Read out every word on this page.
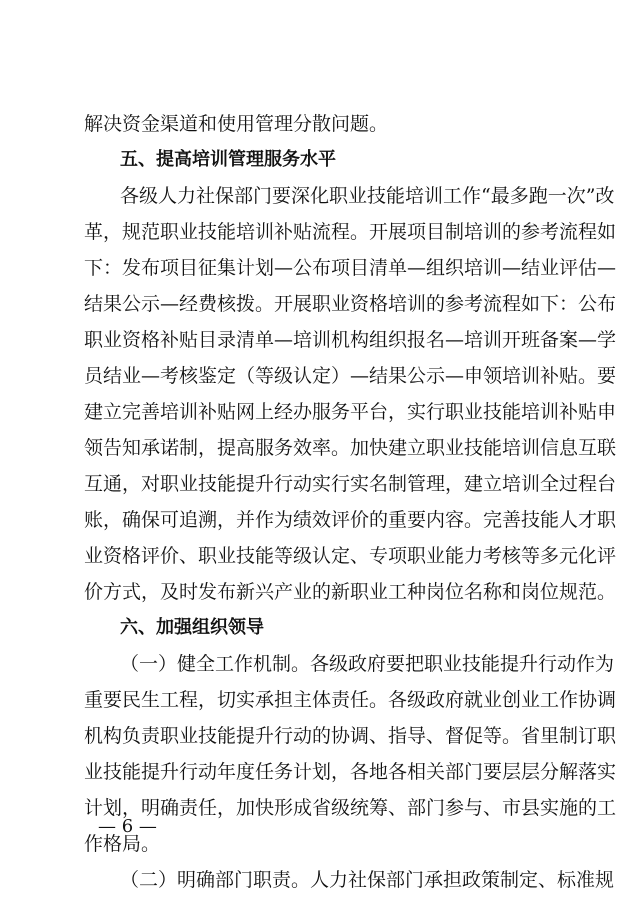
解决资金渠道和使用管理分散问题。
五、提高培训管理服务水平
各级人力社保部门要深化职业技能培训工作“最多跑一次”改
革，规范职业技能培训补贴流程。开展项目制培训的参考流程如
下：发布项目征集计划—公布项目清单—组织培训—结业评估—
结果公示—经费核拨。开展职业资格培训的参考流程如下：公布
职业资格补贴目录清单—培训机构组织报名—培训开班备案—学
员结业—考核鉴定（等级认定）—结果公示—申领培训补贴。要
建立完善培训补贴网上经办服务平台，实行职业技能培训补贴申
领告知承诺制，提高服务效率。加快建立职业技能培训信息互联
互通，对职业技能提升行动实行实名制管理，建立培训全过程台
账，确保可追溯，并作为绩效评价的重要内容。完善技能人才职
业资格评价、职业技能等级认定、专项职业能力考核等多元化评
价方式，及时发布新兴产业的新职业工种岗位名称和岗位规范。
六、加强组织领导
（一）健全工作机制。各级政府要把职业技能提升行动作为
重要民生工程，切实承担主体责任。各级政府就业创业工作协调
机构负责职业技能提升行动的协调、指导、督促等。省里制订职
业技能提升行动年度任务计划，各地各相关部门要层层分解落实
计划，明确责任，加快形成省级统筹、部门参与、市县实施的工
作格局。
（二）明确部门职责。人力社保部门承担政策制定、标准规
— 6 —
